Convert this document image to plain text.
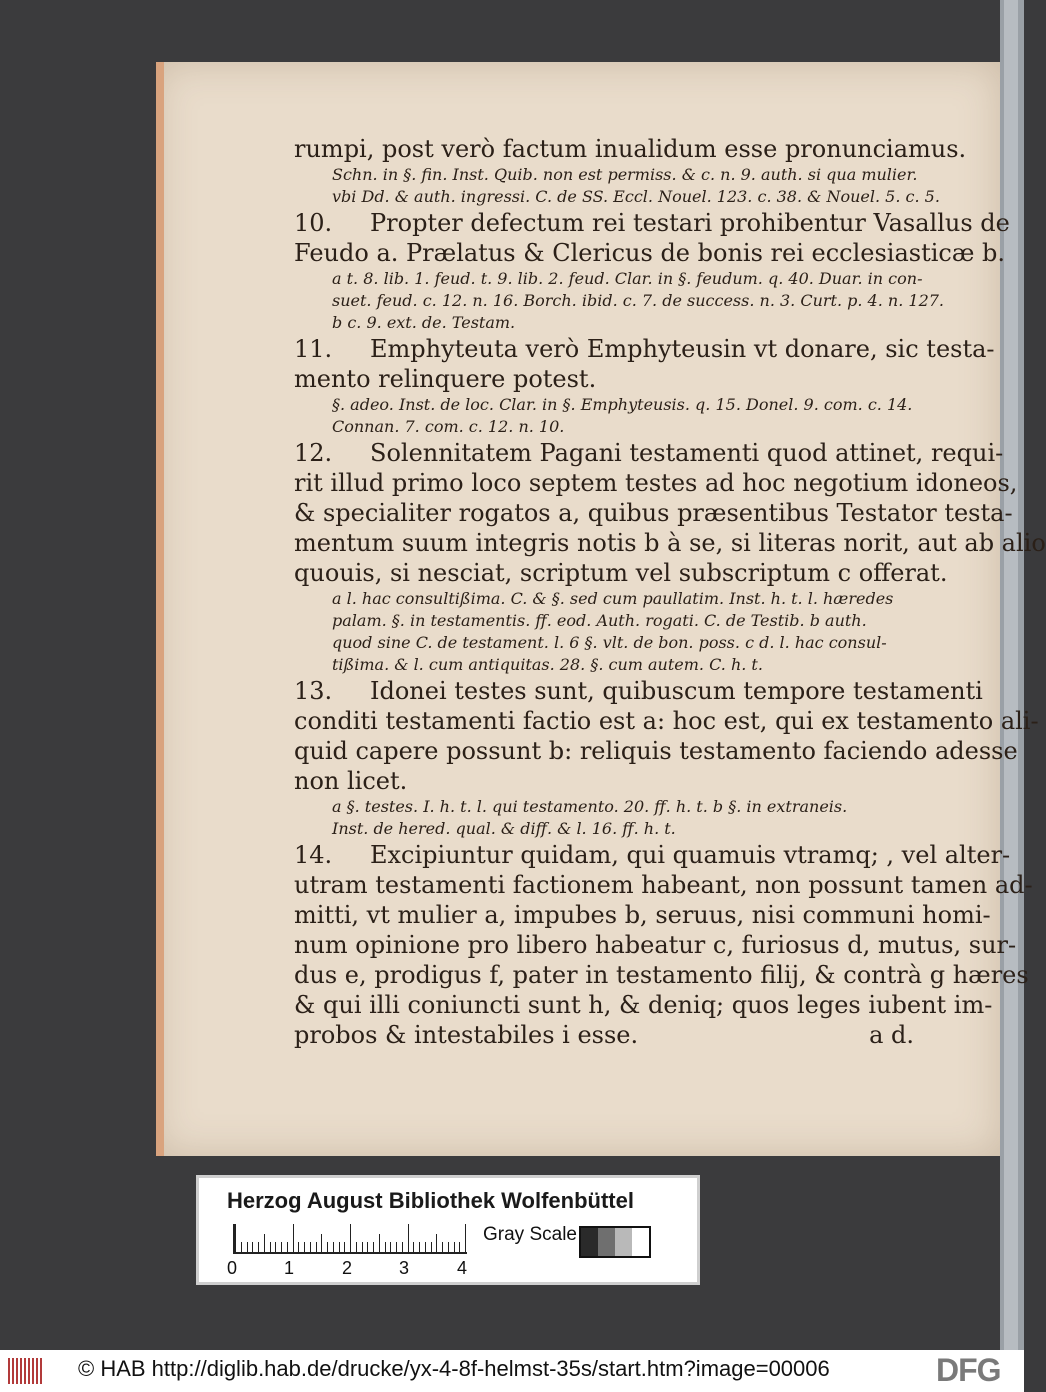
rumpi, post verò factum inualidum esse pronunciamus.
Schn. in §. fin. Inst. Quib. non est permiss. & c. n. 9. auth. si qua mulier.
vbi Dd. & auth. ingressi. C. de SS. Eccl. Nouel. 123. c. 38. & Nouel. 5. c. 5.
10. Propter defectum rei testari prohibentur Vasallus de
Feudo a. Prælatus & Clericus de bonis rei ecclesiasticæ b.
a t. 8. lib. 1. feud. t. 9. lib. 2. feud. Clar. in §. feudum. q. 40. Duar. in con-
suet. feud. c. 12. n. 16. Borch. ibid. c. 7. de success. n. 3. Curt. p. 4. n. 127.
b c. 9. ext. de. Testam.
11. Emphyteuta verò Emphyteusin vt donare, sic testa-
mento relinquere potest.
§. adeo. Inst. de loc. Clar. in §. Emphyteusis. q. 15. Donel. 9. com. c. 14.
Connan. 7. com. c. 12. n. 10.
12. Solennitatem Pagani testamenti quod attinet, requi-
rit illud primo loco septem testes ad hoc negotium idoneos,
& specialiter rogatos a, quibus præsentibus Testator testa-
mentum suum integris notis b à se, si literas norit, aut ab alio
quouis, si nesciat, scriptum vel subscriptum c offerat.
a l. hac consultißima. C. & §. sed cum paullatim. Inst. h. t. l. hæredes
palam. §. in testamentis. ff. eod. Auth. rogati. C. de Testib. b auth.
quod sine C. de testament. l. 6 §. vlt. de bon. poss. c d. l. hac consul-
tißima. & l. cum antiquitas. 28. §. cum autem. C. h. t.
13. Idonei testes sunt, quibuscum tempore testamenti
conditi testamenti factio est a: hoc est, qui ex testamento ali-
quid capere possunt b: reliquis testamento faciendo adesse
non licet.
a §. testes. I. h. t. l. qui testamento. 20. ff. h. t. b §. in extraneis.
Inst. de hered. qual. & diff. & l. 16. ff. h. t.
14. Excipiuntur quidam, qui quamuis vtramq; , vel alter-
utram testamenti factionem habeant, non possunt tamen ad-
mitti, vt mulier a, impubes b, seruus, nisi communi homi-
num opinione pro libero habeatur c, furiosus d, mutus, sur-
dus e, prodigus f, pater in testamento filij, & contrà g hæres
& qui illi coniuncti sunt h, & deniq; quos leges iubent im-
probos & intestabiles i esse.	a d.
Herzog August Bibliothek Wolfenbüttel
0	1	2	3	4
Gray Scale
© HAB http://diglib.hab.de/drucke/yx-4-8f-helmst-35s/start.htm?image=00006	DFG
